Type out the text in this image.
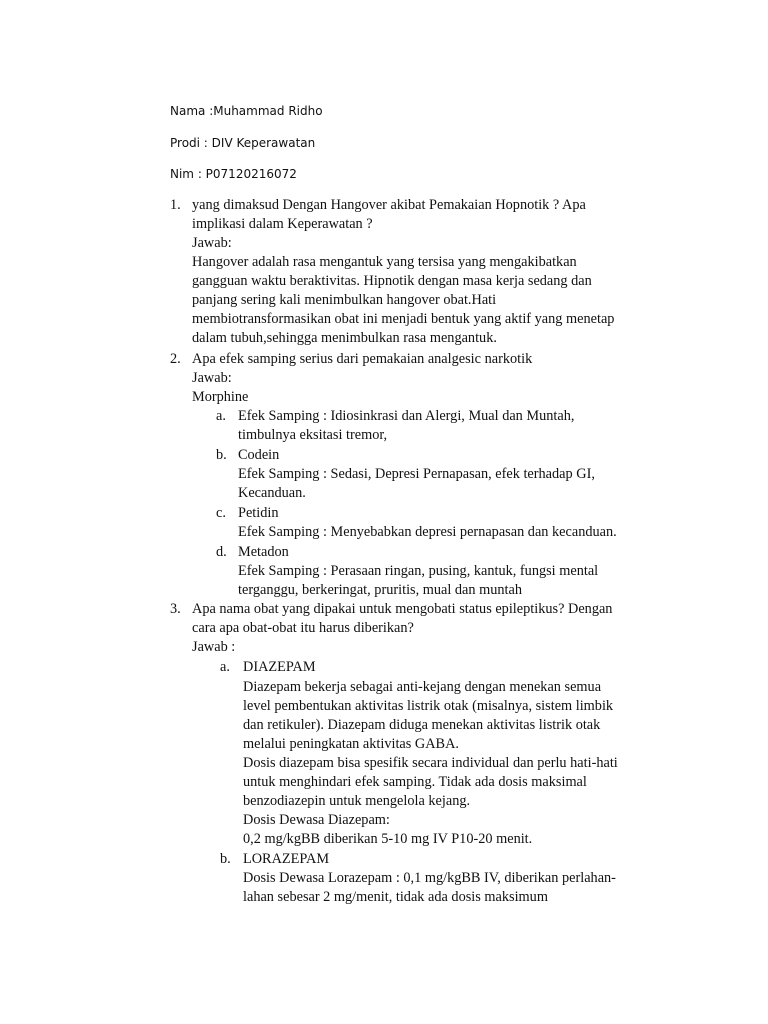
Nama :Muhammad Ridho
Prodi : DIV Keperawatan
Nim : P07120216072
1. yang dimaksud Dengan Hangover akibat Pemakaian Hopnotik ? Apa
implikasi dalam Keperawatan ?
Jawab:
Hangover adalah rasa mengantuk yang tersisa yang mengakibatkan
gangguan waktu beraktivitas. Hipnotik dengan masa kerja sedang dan
panjang sering kali menimbulkan hangover obat.Hati
membiotransformasikan obat ini menjadi bentuk yang aktif yang menetap
dalam tubuh,sehingga menimbulkan rasa mengantuk.
2. Apa efek samping serius dari pemakaian analgesic narkotik
Jawab:
Morphine
a. Efek Samping : Idiosinkrasi dan Alergi, Mual dan Muntah,
timbulnya eksitasi tremor,
b. Codein
Efek Samping : Sedasi, Depresi Pernapasan, efek terhadap GI,
Kecanduan.
c. Petidin
Efek Samping : Menyebabkan depresi pernapasan dan kecanduan.
d. Metadon
Efek Samping : Perasaan ringan, pusing, kantuk, fungsi mental
terganggu, berkeringat, pruritis, mual dan muntah
3. Apa nama obat yang dipakai untuk mengobati status epileptikus? Dengan
cara apa obat-obat itu harus diberikan?
Jawab :
a. DIAZEPAM
Diazepam bekerja sebagai anti-kejang dengan menekan semua
level pembentukan aktivitas listrik otak (misalnya, sistem limbik
dan retikuler). Diazepam diduga menekan aktivitas listrik otak
melalui peningkatan aktivitas GABA.
Dosis diazepam bisa spesifik secara individual dan perlu hati-hati
untuk menghindari efek samping. Tidak ada dosis maksimal
benzodiazepin untuk mengelola kejang.
Dosis Dewasa Diazepam:
0,2 mg/kgBB diberikan 5-10 mg IV P10-20 menit.
b. LORAZEPAM
Dosis Dewasa Lorazepam : 0,1 mg/kgBB IV, diberikan perlahan-
lahan sebesar 2 mg/menit, tidak ada dosis maksimum
